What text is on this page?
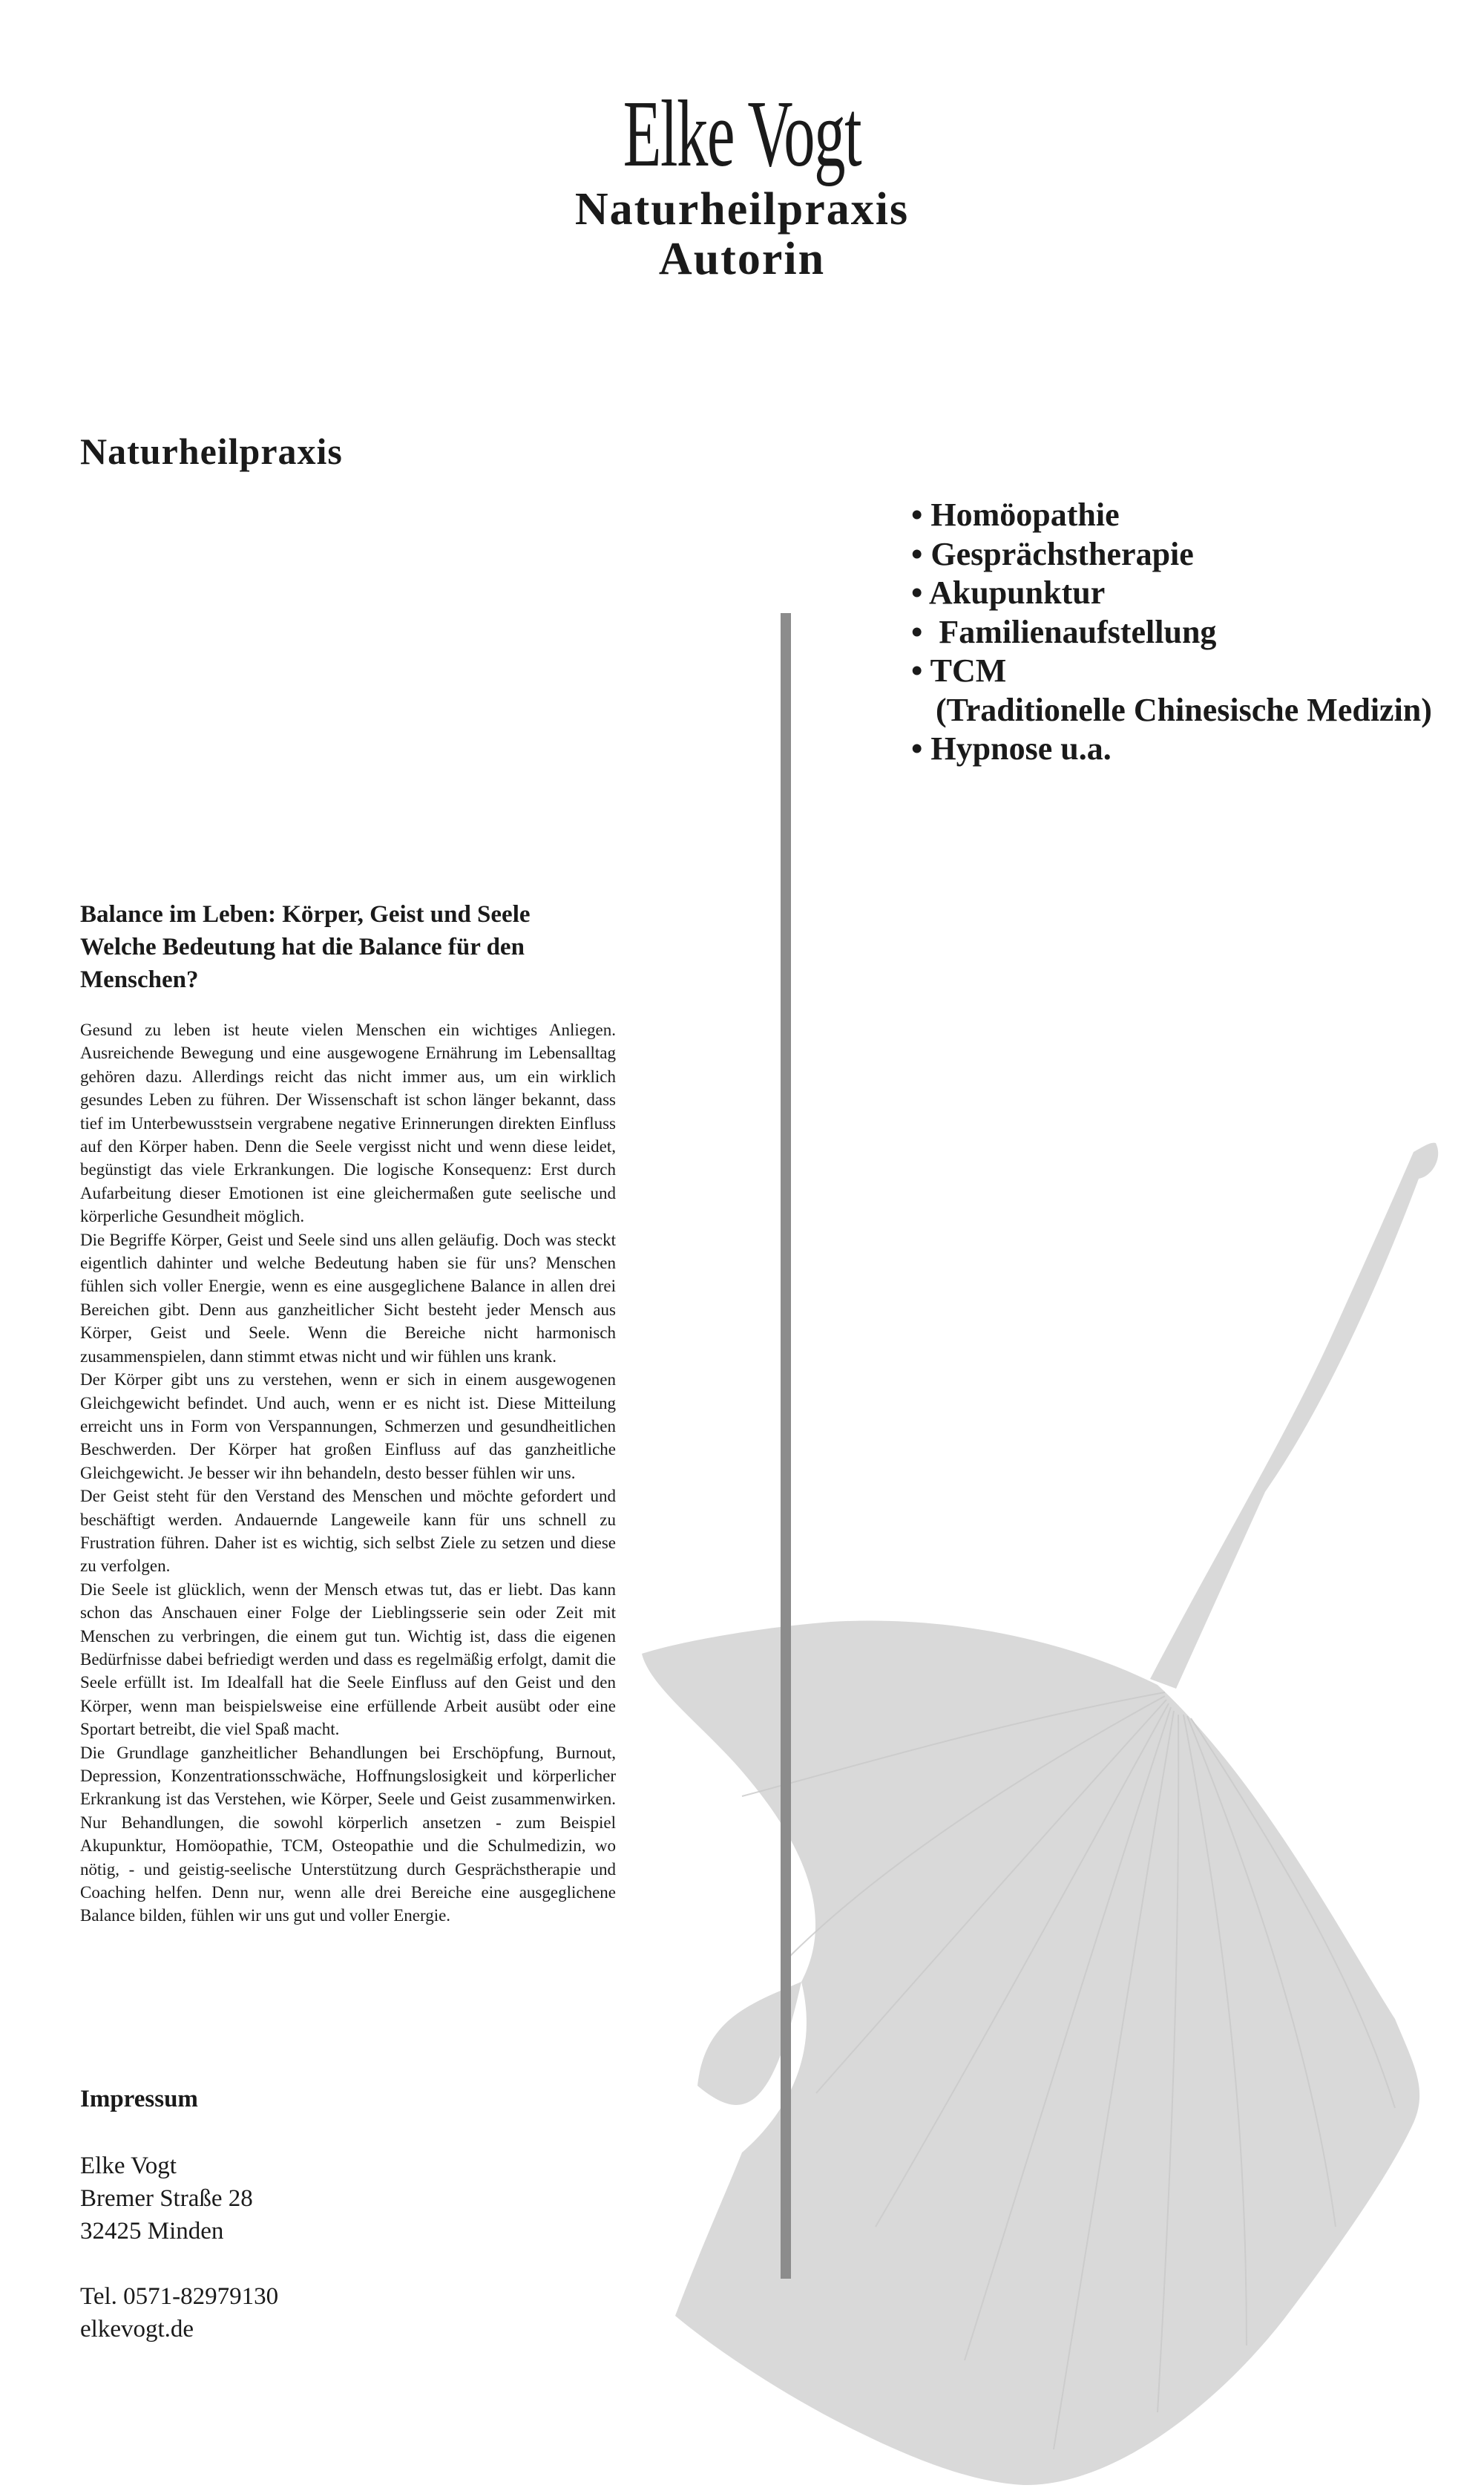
Elke Vogt
Naturheilpraxis
Autorin
Naturheilpraxis
• Homöopathie
• Gesprächstherapie
• Akupunktur
•  Familienaufstellung
• TCM
(Traditionelle Chinesische Medizin)
• Hypnose u.a.
Balance im Leben: Körper, Geist und Seele
Welche Bedeutung hat die Balance für den Menschen?

Gesund zu leben ist heute vielen Menschen ein wichtiges Anliegen. Ausreichende Bewegung und eine ausgewogene Ernährung im Lebensalltag gehören dazu. Allerdings reicht das nicht immer aus, um ein wirklich gesundes Leben zu führen. Der Wissenschaft ist schon länger bekannt, dass tief im Unterbewusstsein vergrabene negative Erinnerungen direkten Einfluss auf den Körper haben. Denn die Seele vergisst nicht und wenn diese leidet, begünstigt das viele Erkrankungen. Die logische Konsequenz: Erst durch Aufarbeitung dieser Emotionen ist eine gleichermaßen gute seelische und körperliche Gesundheit möglich.

Die Begriffe Körper, Geist und Seele sind uns allen geläufig. Doch was steckt eigentlich dahinter und welche Bedeutung haben sie für uns? Menschen fühlen sich voller Energie, wenn es eine ausgeglichene Balance in allen drei Bereichen gibt. Denn aus ganzheitlicher Sicht besteht jeder Mensch aus Körper, Geist und Seele. Wenn die Bereiche nicht harmonisch zusammenspielen, dann stimmt etwas nicht und wir fühlen uns krank.

Der Körper gibt uns zu verstehen, wenn er sich in einem ausgewogenen Gleichgewicht befindet. Und auch, wenn er es nicht ist. Diese Mitteilung erreicht uns in Form von Verspannungen, Schmerzen und gesundheitlichen Beschwerden. Der Körper hat großen Einfluss auf das ganzheitliche Gleichgewicht. Je besser wir ihn behandeln, desto besser fühlen wir uns.

Der Geist steht für den Verstand des Menschen und möchte gefordert und beschäftigt werden. Andauernde Langeweile kann für uns schnell zu Frustration führen. Daher ist es wichtig, sich selbst Ziele zu setzen und diese zu verfolgen.

Die Seele ist glücklich, wenn der Mensch etwas tut, das er liebt. Das kann schon das Anschauen einer Folge der Lieblingsserie sein oder Zeit mit Menschen zu verbringen, die einem gut tun. Wichtig ist, dass die eigenen Bedürfnisse dabei befriedigt werden und dass es regelmäßig erfolgt, damit die Seele erfüllt ist. Im Idealfall hat die Seele Einfluss auf den Geist und den Körper, wenn man beispielsweise eine erfüllende Arbeit ausübt oder eine Sportart betreibt, die viel Spaß macht.

Die Grundlage ganzheitlicher Behandlungen bei Erschöpfung, Burnout, Depression, Konzentrationsschwäche, Hoffnungslosigkeit und körperlicher Erkrankung ist das Verstehen, wie Körper, Seele und Geist zusammenwirken. Nur Behandlungen, die sowohl körperlich ansetzen - zum Beispiel Akupunktur, Homöopathie, TCM, Osteopathie und die Schulmedizin, wo nötig, - und geistig-seelische Unterstützung durch Gesprächstherapie und Coaching helfen. Denn nur, wenn alle drei Bereiche eine ausgeglichene Balance bilden, fühlen wir uns gut und voller Energie.

Impressum
Elke Vogt
Bremer Straße 28
32425 Minden
Tel. 0571-82979130
elkevogt.de
